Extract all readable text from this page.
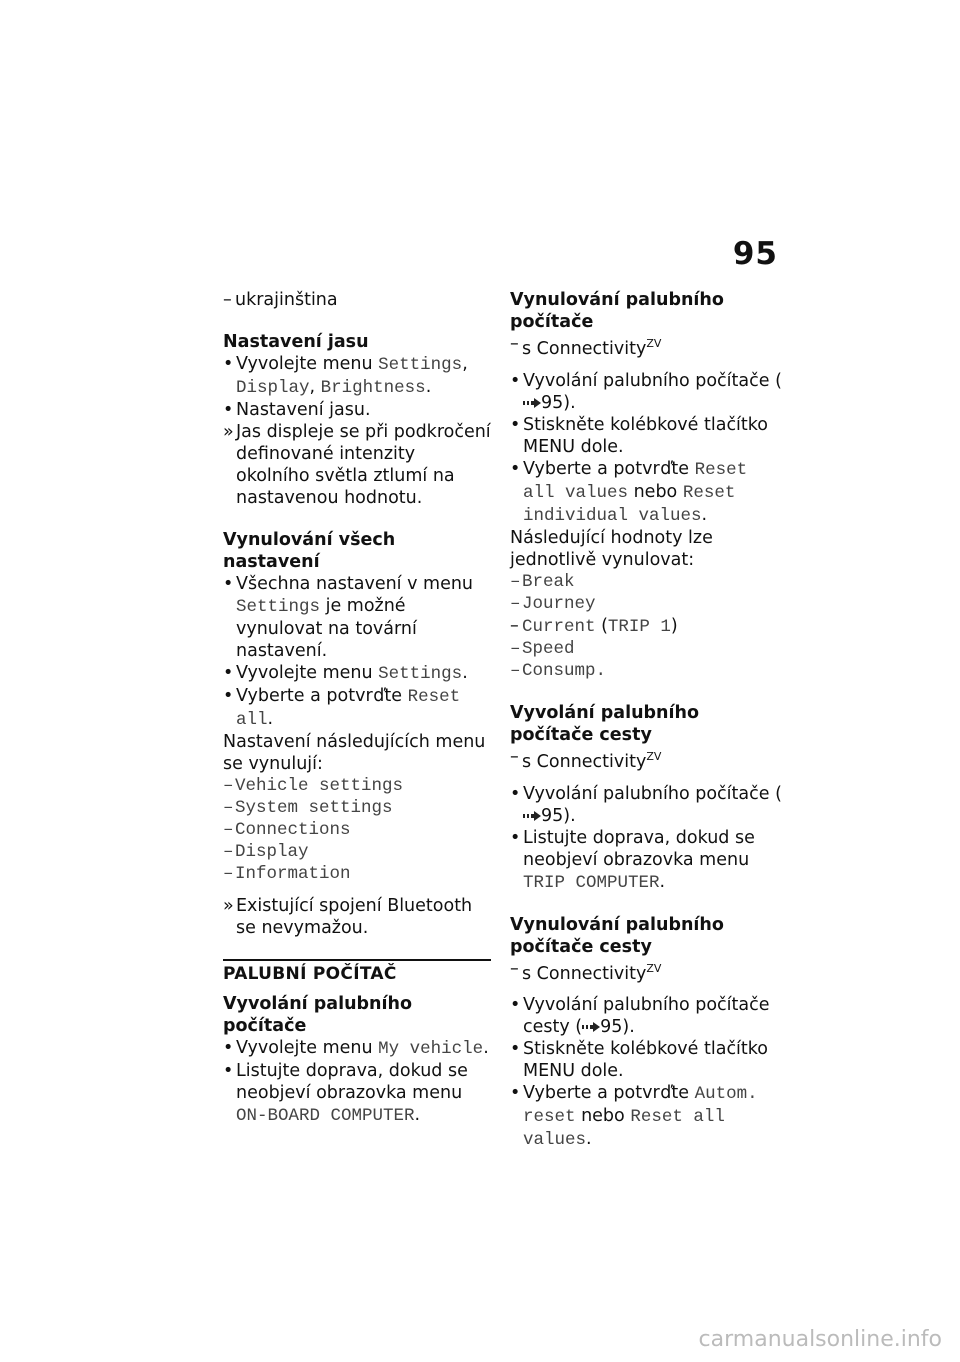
95
– ukrajinština
Nastavení jasu
• Vyvolejte menu Settings, Display, Brightness.
• Nastavení jasu.
» Jas displeje se při podkročení definované intenzity okolního světla ztlumí na nastavenou hodnotu.
Vynulování všech nastavení
• Všechna nastavení v menu Settings je možné vynulovat na tovární nastavení.
• Vyvolejte menu Settings.
• Vyberte a potvrďte Reset all.
Nastavení následujících menu se vynulují:
– Vehicle settings
– System settings
– Connections
– Display
– Information
» Existující spojení Bluetooth se nevymažou.
PALUBNÍ POČÍTAČ
Vyvolání palubního počítače
• Vyvolejte menu My vehicle.
• Listujte doprava, dokud se neobjeví obrazovka menu ON-BOARD COMPUTER.
Vynulování palubního počítače
– s Connectivity$^{ZV}$
• Vyvolání palubního počítače (95).
• Stiskněte kolébkové tlačítko MENU dole.
• Vyberte a potvrďte Reset all values nebo Reset individual values.
Následující hodnoty lze jednotlivě vynulovat:
– Break
– Journey
– Current (TRIP 1)
– Speed
– Consump.
Vyvolání palubního počítače cesty
– s Connectivity$^{ZV}$
• Vyvolání palubního počítače (95).
• Listujte doprava, dokud se neobjeví obrazovka menu TRIP COMPUTER.
Vynulování palubního počítače cesty
– s Connectivity$^{ZV}$
• Vyvolání palubního počítače cesty ( 95).
• Stiskněte kolébkové tlačítko MENU dole.
• Vyberte a potvrďte Autom. reset nebo Reset all values.
carmanualsonline.info
